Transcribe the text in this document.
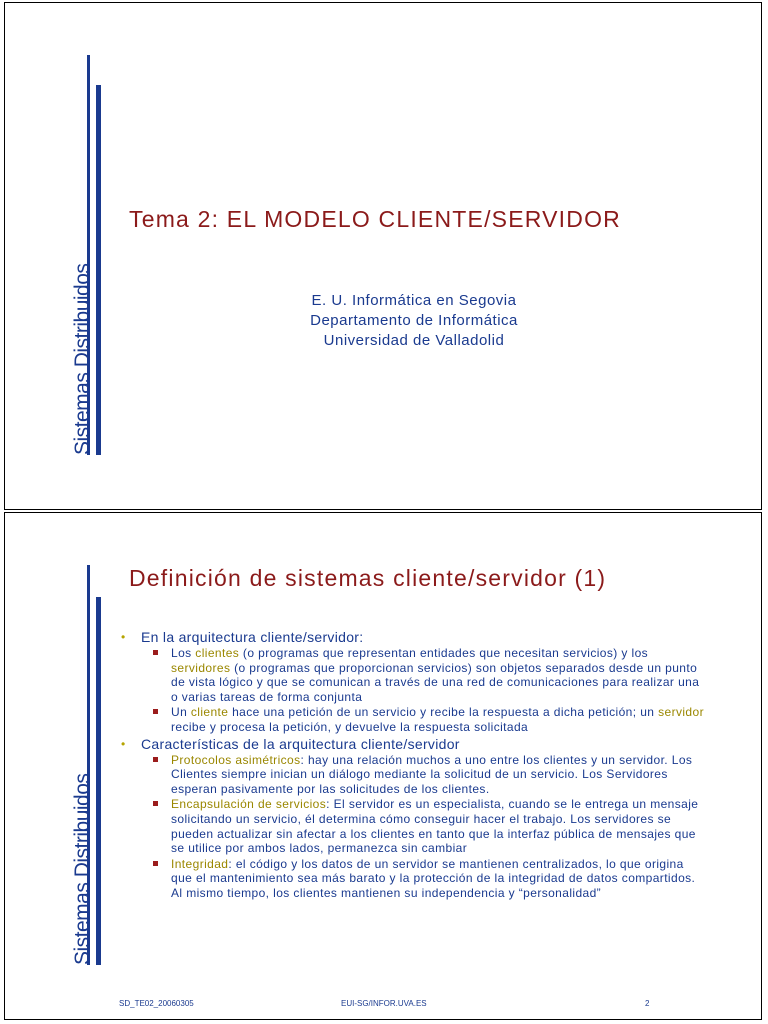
Sistemas Distribuidos
Tema 2: EL MODELO CLIENTE/SERVIDOR
E. U. Informática en Segovia
Departamento de Informática
Universidad de Valladolid
Sistemas Distribuidos
Definición de sistemas cliente/servidor (1)
• En la arquitectura cliente/servidor:
Los clientes (o programas que representan entidades que necesitan servicios) y los servidores (o programas que proporcionan servicios) son objetos separados desde un punto de vista lógico y que se comunican a través de una red de comunicaciones para realizar una o varias tareas de forma conjunta
Un cliente hace una petición de un servicio y recibe la respuesta a dicha petición; un servidor recibe y procesa la petición, y devuelve la respuesta solicitada
• Características de la arquitectura cliente/servidor
Protocolos asimétricos: hay una relación muchos a uno entre los clientes y un servidor. Los Clientes siempre inician un diálogo mediante la solicitud de un servicio. Los Servidores esperan pasivamente por las solicitudes de los clientes.
Encapsulación de servicios: El servidor es un especialista, cuando se le entrega un mensaje solicitando un servicio, él determina cómo conseguir hacer el trabajo. Los servidores se pueden actualizar sin afectar a los clientes en tanto que la interfaz pública de mensajes que se utilice por ambos lados, permanezca sin cambiar
Integridad: el código y los datos de un servidor se mantienen centralizados, lo que origina que el mantenimiento sea más barato y la protección de la integridad de datos compartidos. Al mismo tiempo, los clientes mantienen su independencia y “personalidad”
SD_TE02_20060305	EUI-SG/INFOR.UVA.ES	2
